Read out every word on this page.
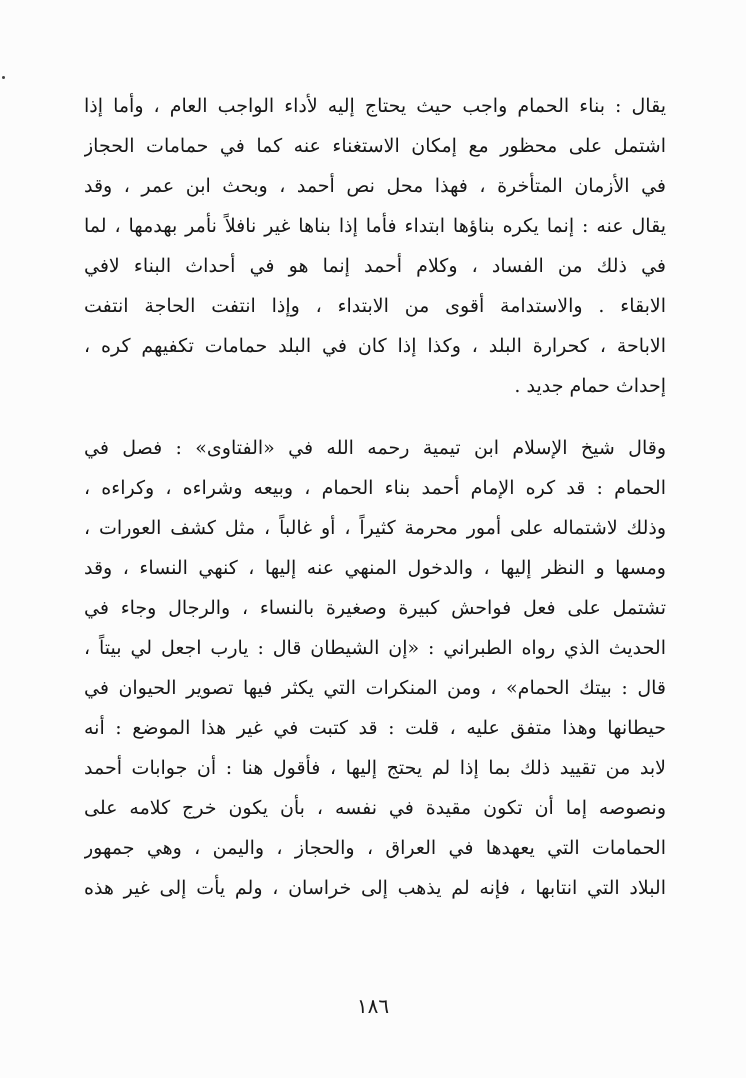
يقال : بناء الحمام واجب حيث يحتاج إليه لأداء الواجب العام ، وأما إذا
اشتمل على محظور مع إمكان الاستغناء عنه كما في حمامات الحجاز
في الأزمان المتأخرة ، فهذا محل نص أحمد ، وبحث ابن عمر ، وقد
يقال عنه : إنما يكره بناؤها ابتداء فأما إذا بناها غير نافلاً نأمر بهدمها ، لما
في ذلك من الفساد ، وكلام أحمد إنما هو في أحداث البناء لافي
الابقاء . والاستدامة أقوى من الابتداء ، وإذا انتفت الحاجة انتفت
الاباحة ، كحرارة البلد ، وكذا إذا كان في البلد حمامات تكفيهم كره ،
إحداث حمام جديد .
وقال شيخ الإسلام ابن تيمية رحمه الله في «الفتاوى» : فصل في
الحمام : قد كره الإمام أحمد بناء الحمام ، وبيعه وشراءه ، وكراءه ،
وذلك لاشتماله على أمور محرمة كثيراً ، أو غالباً ، مثل كشف العورات ،
ومسها و النظر إليها ، والدخول المنهي عنه إليها ، كنهي النساء ، وقد
تشتمل على فعل فواحش كبيرة وصغيرة بالنساء ، والرجال وجاء في
الحديث الذي رواه الطبراني : «إن الشيطان قال : يارب اجعل لي بيتاً ،
قال : بيتك الحمام» ، ومن المنكرات التي يكثر فيها تصوير الحيوان في
حيطانها وهذا متفق عليه ، قلت : قد كتبت في غير هذا الموضع : أنه
لابد من تقييد ذلك بما إذا لم يحتج إليها ، فأقول هنا : أن جوابات أحمد
ونصوصه إما أن تكون مقيدة في نفسه ، بأن يكون خرج كلامه على
الحمامات التي يعهدها في العراق ، والحجاز ، واليمن ، وهي جمهور
البلاد التي انتابها ، فإنه لم يذهب إلى خراسان ، ولم يأت إلى غير هذه
١٨٦
